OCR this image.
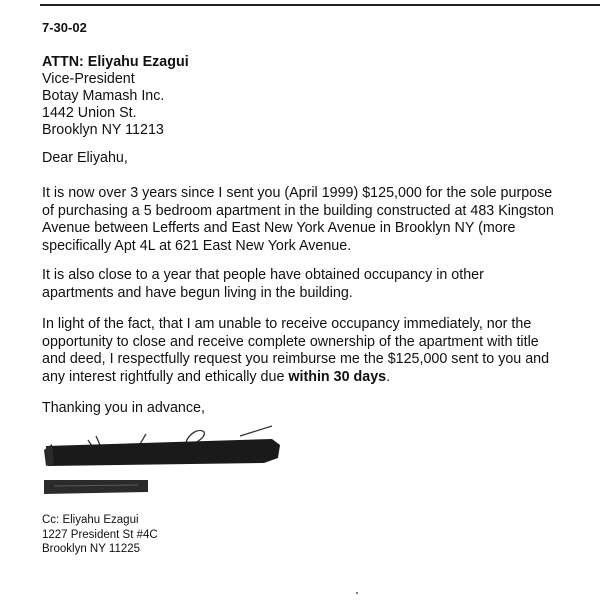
7-30-02
ATTN: Eliyahu Ezagui
Vice-President
Botay Mamash Inc.
1442 Union St.
Brooklyn NY 11213

Dear Eliyahu,

It is now over 3 years since I sent you (April 1999) $125,000 for the sole purpose
of purchasing a 5 bedroom apartment in the building constructed at 483 Kingston
Avenue between Lefferts and East New York Avenue in Brooklyn NY (more
specifically Apt 4L at 621 East New York Avenue.

It is also close to a year that people have obtained occupancy in other
apartments and have begun living in the building.

In light of the fact, that I am unable to receive occupancy immediately, nor the
opportunity to close and receive complete ownership of the apartment with title
and deed, I respectfully request you reimburse me the $125,000 sent to you and
any interest rightfully and ethically due within 30 days.

Thanking you in advance,

Cc: Eliyahu Ezagui
1227 President St #4C
Brooklyn NY 11225
